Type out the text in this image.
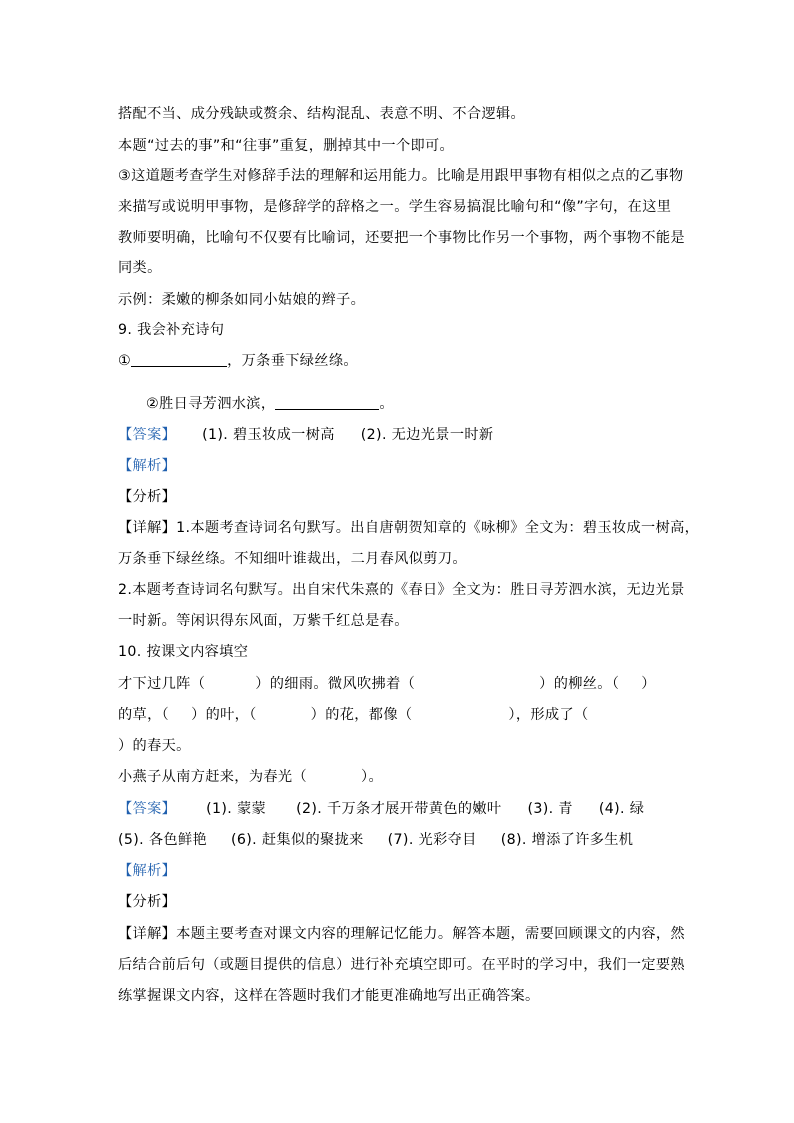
搭配不当、成分残缺或赘余、结构混乱、表意不明、不合逻辑。
本题“过去的事”和“往事”重复，删掉其中一个即可。
③这道题考查学生对修辞手法的理解和运用能力。比喻是用跟甲事物有相似之点的乙事物
来描写或说明甲事物，是修辞学的辞格之一。学生容易搞混比喻句和“像”字句，在这里
教师要明确，比喻句不仅要有比喻词，还要把一个事物比作另一个事物，两个事物不能是
同类。
示例：柔嫩的柳条如同小姑娘的辫子。
9. 我会补充诗句
①	，万条垂下绿丝绦。
②胜日寻芳泗水滨，	。
【答案】 (1). 碧玉妆成一树高 (2). 无边光景一时新
【解析】
【分析】
【详解】1.本题考查诗词名句默写。出自唐朝贺知章的《咏柳》全文为：碧玉妆成一树高，
万条垂下绿丝绦。不知细叶谁裁出，二月春风似剪刀。
2.本题考查诗词名句默写。出自宋代朱熹的《春日》全文为：胜日寻芳泗水滨，无边光景
一时新。等闲识得东风面，万紫千红总是春。
10. 按课文内容填空
才下过几阵（	）的细雨。微风吹拂着（	）的柳丝。（ ）
的草，（ ）的叶，（	）的花，都像（	），形成了（
）的春天。
小燕子从南方赶来，为春光（	）。
【答案】 (1). 蒙蒙 (2). 千万条才展开带黄色的嫩叶 (3). 青 (4). 绿
(5). 各色鲜艳 (6). 赶集似的聚拢来 (7). 光彩夺目 (8). 增添了许多生机
【解析】
【分析】
【详解】本题主要考查对课文内容的理解记忆能力。解答本题，需要回顾课文的内容，然
后结合前后句（或题目提供的信息）进行补充填空即可。在平时的学习中，我们一定要熟
练掌握课文内容，这样在答题时我们才能更准确地写出正确答案。
